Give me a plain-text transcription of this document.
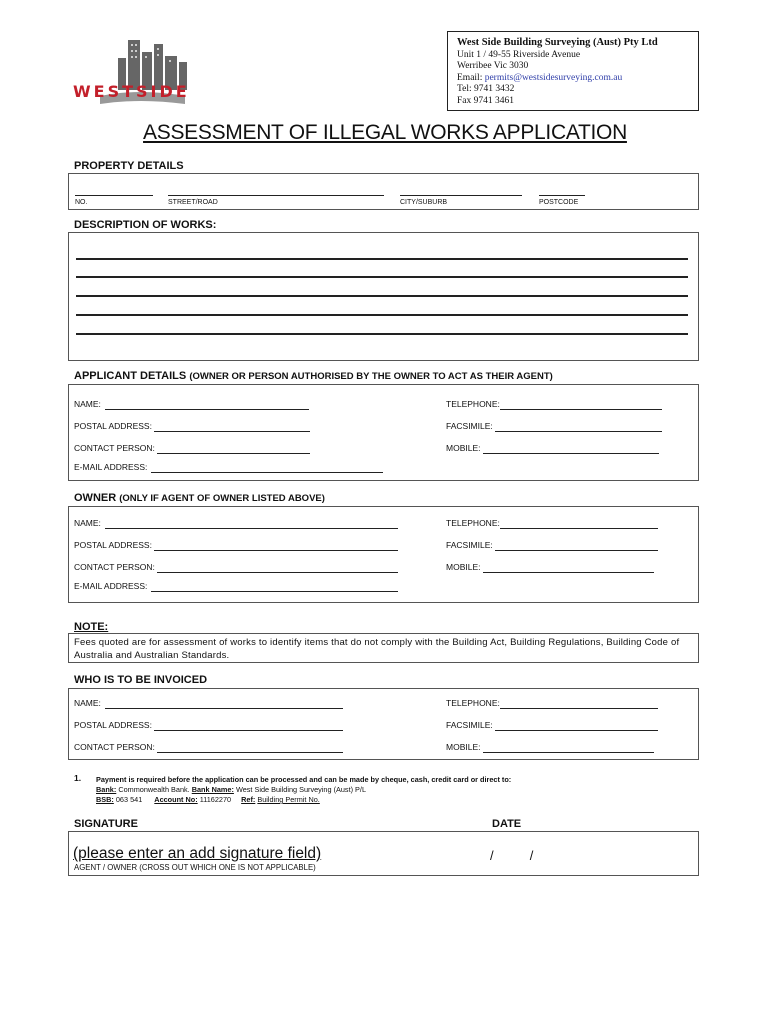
WESTSIDE
West Side Building Surveying (Aust) Pty Ltd
Unit 1 / 49-55 Riverside Avenue
Werribee Vic 3030
Email: permits@westsidesurveying.com.au
Tel: 9741 3432
Fax 9741 3461
ASSESSMENT OF ILLEGAL WORKS APPLICATION
PROPERTY DETAILS
NO.	STREET/ROAD	CITY/SUBURB	POSTCODE
DESCRIPTION OF WORKS:
APPLICANT DETAILS (OWNER OR PERSON AUTHORISED BY THE OWNER TO ACT AS THEIR AGENT)
NAME:
POSTAL ADDRESS:
CONTACT PERSON:
E-MAIL ADDRESS:
TELEPHONE:
FACSIMILE:
MOBILE:
OWNER (ONLY IF AGENT OF OWNER LISTED ABOVE)
NAME:
POSTAL ADDRESS:
CONTACT PERSON:
E-MAIL ADDRESS:
TELEPHONE:
FACSIMILE:
MOBILE:
NOTE:
Fees quoted are for assessment of works to identify items that do not comply with the Building Act, Building Regulations, Building Code of Australia and Australian Standards.
WHO IS TO BE INVOICED
NAME:
POSTAL ADDRESS:
CONTACT PERSON:
TELEPHONE:
FACSIMILE:
MOBILE:
1. Payment is required before the application can be processed and can be made by cheque, cash, credit card or direct to:
Bank: Commonwealth Bank. Bank Name: West Side Building Surveying (Aust) P/L
BSB: 063 541 Account No: 11162270 Ref: Building Permit No.
SIGNATURE	DATE
(please enter an add signature field)	/          /
AGENT / OWNER (CROSS OUT WHICH ONE IS NOT APPLICABLE)
